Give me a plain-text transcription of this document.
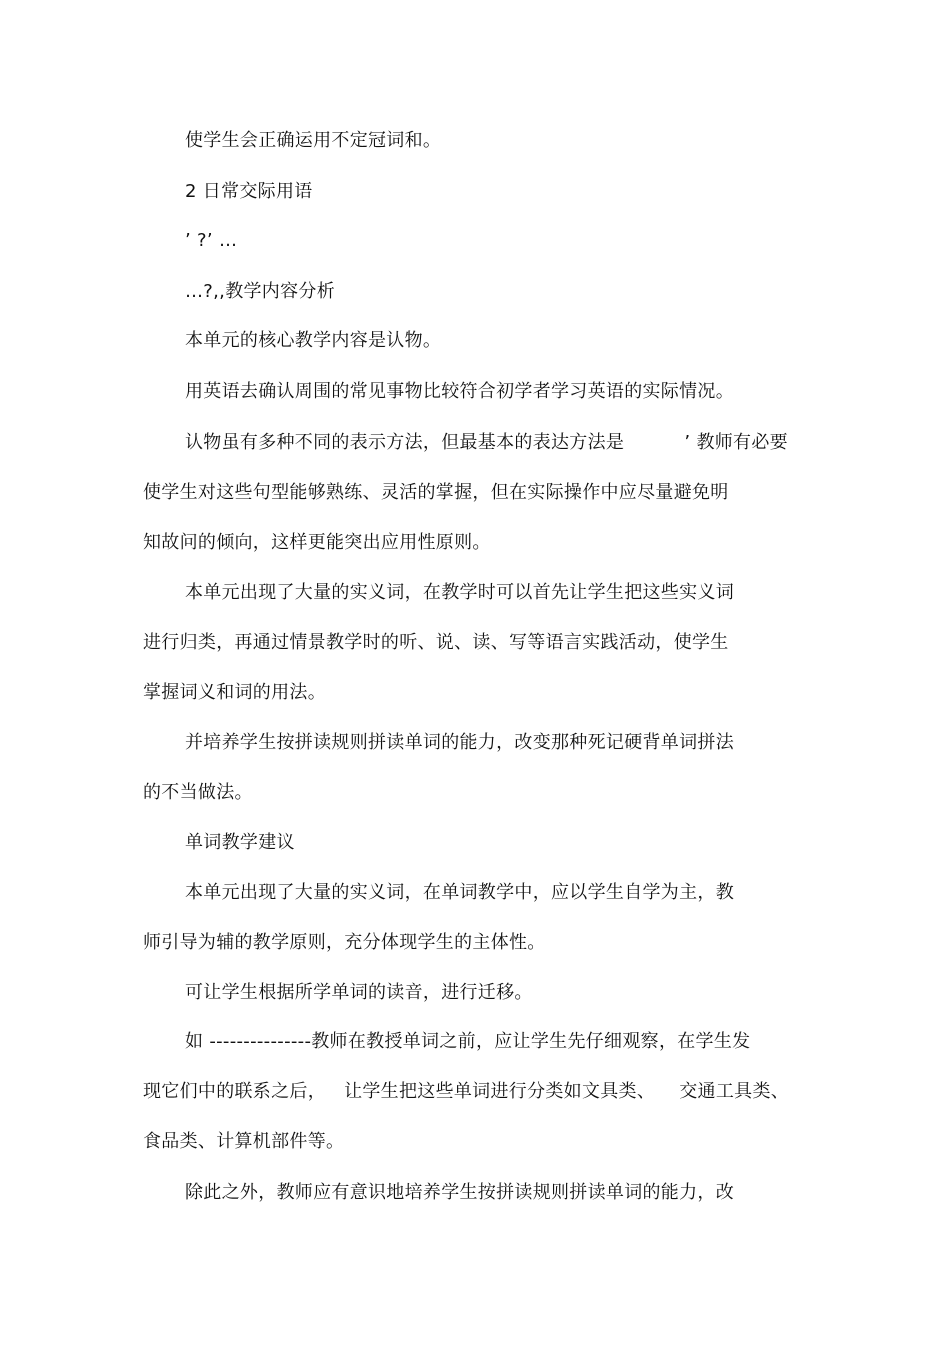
使学生会正确运用不定冠词和。
2 日常交际用语
’ ?’ …
…?,,教学内容分析
本单元的核心教学内容是认物。
用英语去确认周围的常见事物比较符合初学者学习英语的实际情况。
认物虽有多种不同的表示方法，但最基本的表达方法是          ’ 教师有必要
使学生对这些句型能够熟练、灵活的掌握，但在实际操作中应尽量避免明
知故问的倾向，这样更能突出应用性原则。
本单元出现了大量的实义词，在教学时可以首先让学生把这些实义词
进行归类，再通过情景教学时的听、说、读、写等语言实践活动，使学生
掌握词义和词的用法。
并培养学生按拼读规则拼读单词的能力，改变那种死记硬背单词拼法
的不当做法。
单词教学建议
本单元出现了大量的实义词，在单词教学中，应以学生自学为主，教
师引导为辅的教学原则，充分体现学生的主体性。
可让学生根据所学单词的读音，进行迁移。
如 ---------------教师在教授单词之前，应让学生先仔细观察，在学生发
现它们中的联系之后，   让学生把这些单词进行分类如文具类、    交通工具类、
食品类、计算机部件等。
除此之外，教师应有意识地培养学生按拼读规则拼读单词的能力，改
